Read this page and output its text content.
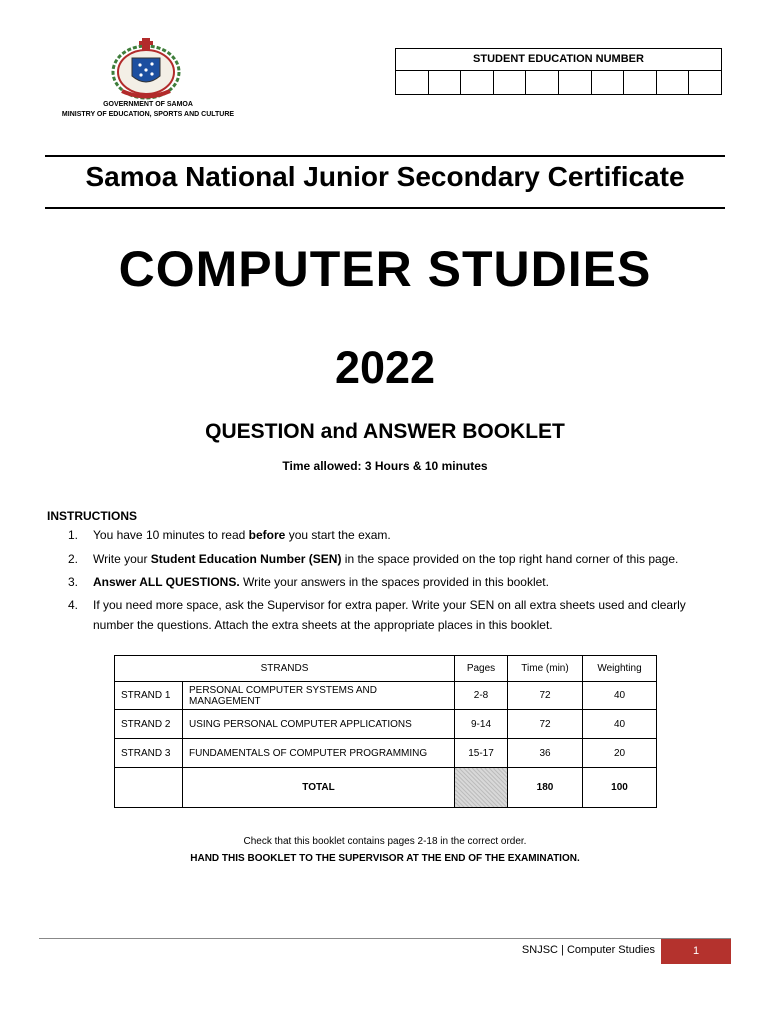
GOVERNMENT OF SAMOA
MINISTRY OF EDUCATION, SPORTS AND CULTURE
STUDENT EDUCATION NUMBER
Samoa National Junior Secondary Certificate
COMPUTER STUDIES
2022
QUESTION and ANSWER BOOKLET
Time allowed: 3 Hours & 10 minutes
INSTRUCTIONS
1. You have 10 minutes to read before you start the exam.
2. Write your Student Education Number (SEN) in the space provided on the top right hand corner of this page.
3. Answer ALL QUESTIONS. Write your answers in the spaces provided in this booklet.
4. If you need more space, ask the Supervisor for extra paper. Write your SEN on all extra sheets used and clearly number the questions. Attach the extra sheets at the appropriate places in this booklet.
STRANDS		Pages	Time (min)	Weighting
STRAND 1	PERSONAL COMPUTER SYSTEMS AND MANAGEMENT	2-8	72	40
STRAND 2	USING PERSONAL COMPUTER APPLICATIONS	9-14	72	40
STRAND 3	FUNDAMENTALS OF COMPUTER PROGRAMMING	15-17	36	20
	TOTAL		180	100
Check that this booklet contains pages 2-18 in the correct order.
HAND THIS BOOKLET TO THE SUPERVISOR AT THE END OF THE EXAMINATION.
SNJSC | Computer Studies	1
